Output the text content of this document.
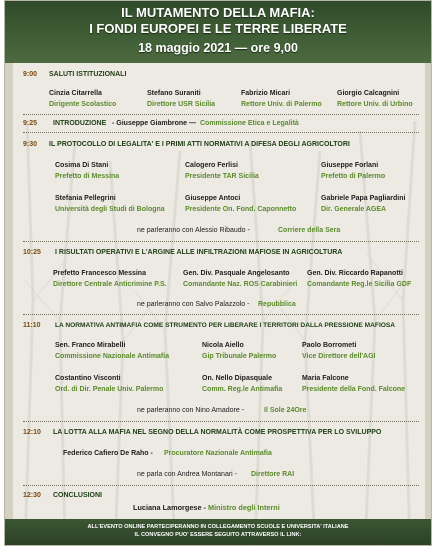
IL MUTAMENTO DELLA MAFIA:
I FONDI EUROPEI E LE TERRE LIBERATE
18 maggio 2021 — ore 9,00
9:00 SALUTI ISTITUZIONALI
Cinzia Citarrella
Dirigente Scolastico
Stefano Suraniti
Direttore USR Sicilia
Fabrizio Micari
Rettore Univ. di Palermo
Giorgio Calcagnini
Rettore Univ. di Urbino
9:25 INTRODUZIONE - Giuseppe Giambrone — Commissione Etica e Legalità
9:30 IL PROTOCOLLO DI LEGALITA' E I PRIMI ATTI NORMATIVI A DIFESA DEGLI AGRICOLTORI
Cosima Di Stani
Prefetto di Messina
Calogero Ferlisi
Presidente TAR Sicilia
Giuseppe Forlani
Prefetto di Palermo
Stefania Pellegrini
Università degli Studi di Bologna
Giuseppe Antoci
Presidente On. Fond. Caponnetto
Gabriele Papa Pagliardini
Dir. Generale AGEA
ne parleranno con Alessio Ribaudo -	Corriere della Sera
10:25 I RISULTATI OPERATIVI E L'ARGINE ALLE INFILTRAZIONI MAFIOSE IN AGRICOLTURA
Prefetto Francesco Messina
Direttore Centrale Anticrimine P.S.
Gen. Div. Pasquale Angelosanto
Comandante Naz. ROS Carabinieri
Gen. Div. Riccardo Rapanotti
Comandante Reg.le Sicilia GDF
ne parleranno con Salvo Palazzolo - Repubblica
11:10 LA NORMATIVA ANTIMAFIA COME STRUMENTO PER LIBERARE I TERRITORI DALLA PRESSIONE MAFIOSA
Sen. Franco Mirabelli
Commissione Nazionale Antimafia
Nicola Aiello
Gip Tribunale Palermo
Paolo Borrometi
Vice Direttore dell'AGI
Costantino Visconti
Ord. di Dir. Penale Univ. Palermo
On. Nello Dipasquale
Comm. Reg.le Antimafia
Maria Falcone
Presidente della Fond. Falcone
ne parleranno con Nino Amadore -	Il Sole 24Ore
12:10 LA LOTTA ALLA MAFIA NEL SEGNO DELLA NORMALITÀ COME PROSPETTIVA PER LO SVILUPPO
Federico Cafiero De Raho - Procuratore Nazionale Antimafia
ne parla con Andrea Montanari - Direttore RAI
12:30 CONCLUSIONI
Luciana Lamorgese - Ministro degli Interni
ALL'EVENTO ONLINE PARTECIPERANNO IN COLLEGAMENTO SCUOLE E UNIVERSITA' ITALIANE
IL CONVEGNO PUO' ESSERE SEGUITO ATTRAVERSO IL LINK:
